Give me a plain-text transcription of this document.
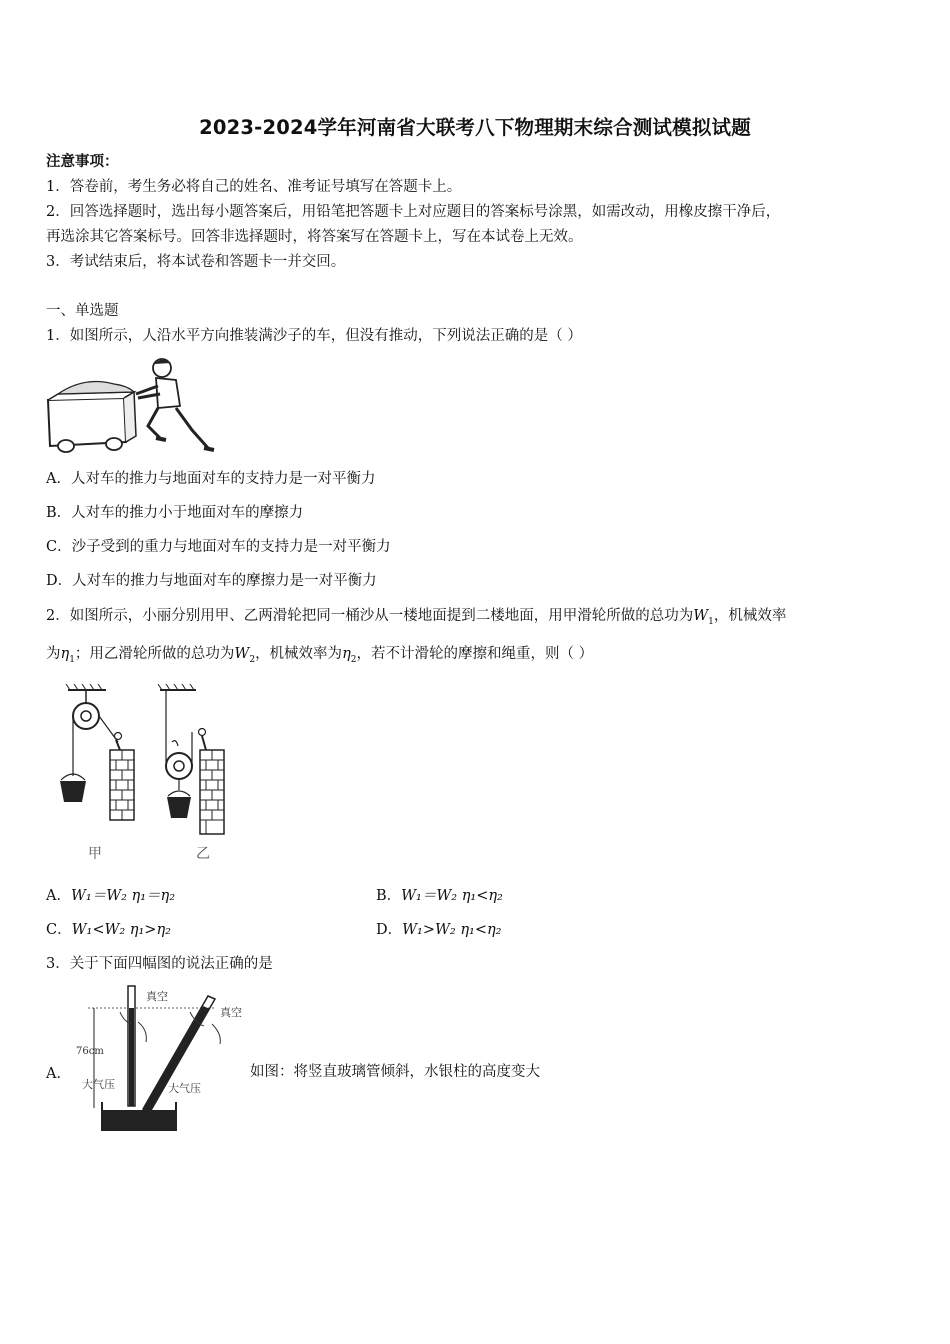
2023-2024学年河南省大联考八下物理期末综合测试模拟试题
注意事项：
1．答卷前，考生务必将自己的姓名、准考证号填写在答题卡上。
2．回答选择题时，选出每小题答案后，用铅笔把答题卡上对应题目的答案标号涂黑，如需改动，用橡皮擦干净后，
再选涂其它答案标号。回答非选择题时，将答案写在答题卡上，写在本试卷上无效。
3．考试结束后，将本试卷和答题卡一并交回。
一、单选题
1．如图所示，人沿水平方向推装满沙子的车，但没有推动，下列说法正确的是（ ）
A．人对车的推力与地面对车的支持力是一对平衡力
B．人对车的推力小于地面对车的摩擦力
C．沙子受到的重力与地面对车的支持力是一对平衡力
D．人对车的推力与地面对车的摩擦力是一对平衡力
2．如图所示，小丽分别用甲、乙两滑轮把同一桶沙从一楼地面提到二楼地面，用甲滑轮所做的总功为$W_1$，机械效率
为$\eta_1$；用乙滑轮所做的总功为$W_2$，机械效率为$\eta_2$，若不计滑轮的摩擦和绳重，则（ ）
甲	乙
A．W₁＝W₂ η₁＝η₂	B．W₁＝W₂ η₁<η₂
C．W₁<W₂ η₁>η₂	D．W₁>W₂ η₁<η₂
3．关于下面四幅图的说法正确的是
A．
76cm
真空
真空
大气压	大气压
如图：将竖直玻璃管倾斜，水银柱的高度变大
